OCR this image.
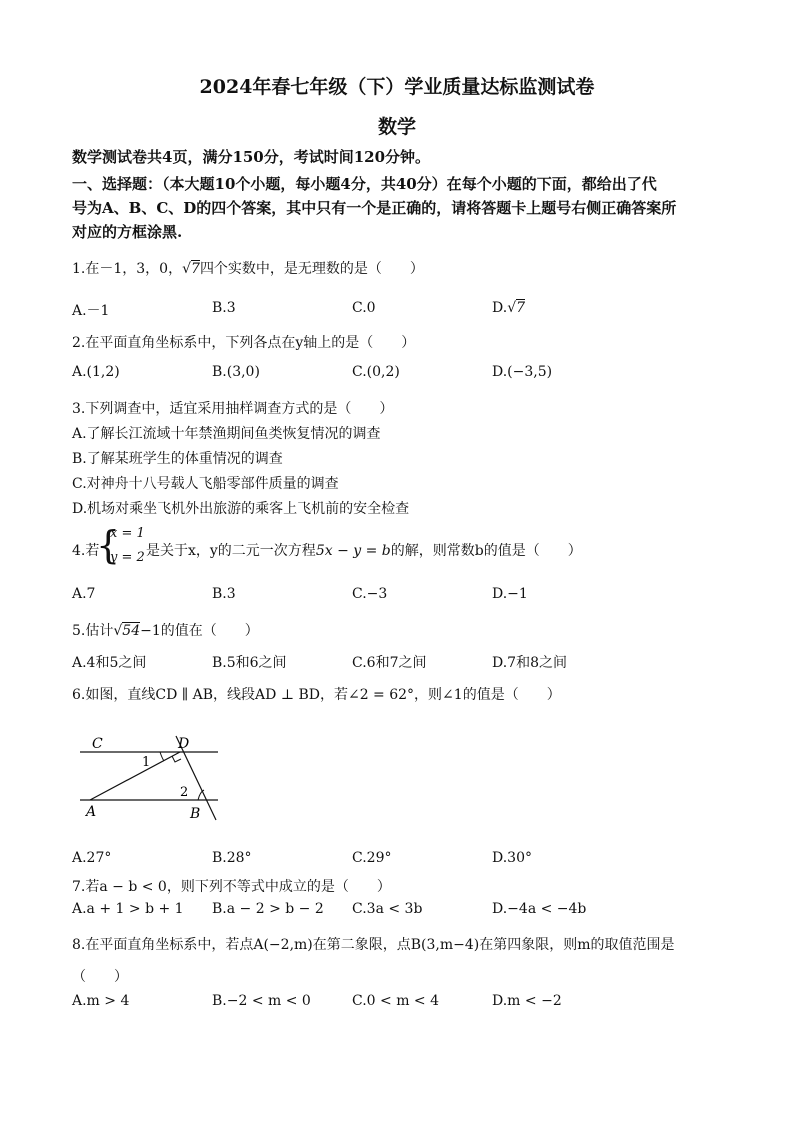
2024年春七年级（下）学业质量达标监测试卷
数学
数学测试卷共4页，满分150分，考试时间120分钟。
一、选择题：（本大题10个小题，每小题4分，共40分）在每个小题的下面，都给出了代
号为A、B、C、D的四个答案，其中只有一个是正确的，请将答题卡上题号右侧正确答案所
对应的方框涂黑.
1.在－1，3，0，√7四个实数中，是无理数的是（　　）
A.－1	B.3	C.0	D.√7
2.在平面直角坐标系中，下列各点在y轴上的是（　　）
A.(1,2)	B.(3,0)	C.(0,2)	D.(−3,5)
3.下列调查中，适宜采用抽样调查方式的是（　　）
A.了解长江流域十年禁渔期间鱼类恢复情况的调查
B.了解某班学生的体重情况的调查
C.对神舟十八号载人飞船零部件质量的调查
D.机场对乘坐飞机外出旅游的乘客上飞机前的安全检查
4.若
{
x = 1
y = 2 是关于x，y的二元一次方程5x − y = b的解，则常数b的值是（　　）
A.7	B.3	C.−3	D.−1
5.估计√54−1的值在（　　）
A.4和5之间	B.5和6之间	C.6和7之间	D.7和8之间
6.如图，直线CD ∥ AB，线段AD ⊥ BD，若∠2 = 62°，则∠1的值是（　　）
C	D
A	B
1
2
A.27°	B.28°	C.29°	D.30°
7.若a − b < 0，则下列不等式中成立的是（　　）
A.a + 1 > b + 1 B.a − 2 > b − 2 C.3a < 3b	D.−4a < −4b
8.在平面直角坐标系中，若点A(−2,m)在第二象限，点B(3,m−4)在第四象限，则m的取值范围是
（　　）
A.m > 4	B.−2 < m < 0	C.0 < m < 4	D.m < −2
